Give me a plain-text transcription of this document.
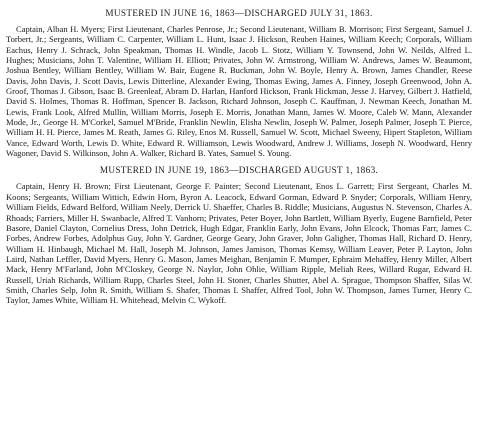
MUSTERED IN JUNE 16, 1863—DISCHARGED JULY 31, 1863.

Captain, Alban H. Myers; First Lieutenant, Charles Penrose, Jr.; Second Lieutenant, William B. Morrison; First Sergeant, Samuel J. Torbert, Jr.; Sergeants, William C. Carpenter, William L. Hunt, Isaac J. Hickson, Reuben Haines, William Keech; Corporals, William Eachus, Henry J. Schrack, John Speakman, Thomas H. Windle, Jacob L. Stotz, William Y. Townsend, John W. Neilds, Alfred L. Hughes; Musicians, John T. Valentine, William H. Elliott; Privates, John W. Armstrong, William W. Andrews, James W. Beaumont, Joshua Bentley, William Bentley, William W. Bair, Eugene R. Buckman, John W. Boyle, Henry A. Brown, James Chandler, Reese Davis, John Davis, J. Scott Davis, Lewis Ditterline, Alexander Ewing, Thomas Ewing, James A. Finney, Joseph Greenwood, John A. Groof, Thomas J. Gibson, Isaac B. Greenleaf, Abram D. Harlan, Hanford Hickson, Frank Hickman, Jesse J. Harvey, Gilbert J. Hatfield, David S. Holmes, Thomas R. Hoffman, Spencer B. Jackson, Richard Johnson, Joseph C. Kauffman, J. Newman Keech, Jonathan M. Lewis, Frank Look, Alfred Mullin, William Morris, Joseph E. Morris, Jonathan Mann, James W. Moore, Caleb W. Mann, Alexander Mode, Jr., George H. M'Corkel, Samuel M'Bride, Franklin Newlin, Elisha Newlin, Joseph W. Palmer, Joseph Palmer, Joseph T. Pierce, William H. H. Pierce, James M. Reath, James G. Riley, Enos M. Russell, Samuel W. Scott, Michael Sweeny, Hipert Stapleton, William Vance, Edward Worth, Lewis D. White, Edward R. Williamson, Lewis Woodward, Andrew J. Williams, Joseph N. Woodward, Henry Wagoner, David S. Wilkinson, John A. Walker, Richard B. Yates, Samuel S. Young.

MUSTERED IN JUNE 19, 1863—DISCHARGED AUGUST 1, 1863.

Captain, Henry H. Brown; First Lieutenant, George F. Painter; Second Lieutenant, Enos L. Garrett; First Sergeant, Charles M. Koons; Sergeants, William Wittich, Edwin Horn, Byron A. Leacock, Edward Gorman, Edward P. Snyder; Corporals, William Henry, William Fields, Edward Belford, William Neely, Derrick U. Shaeffer, Charles B. Riddle; Musicians, Augustus N. Stevenson, Charles A. Rhoads; Farriers, Miller H. Swanbacle, Alfred T. Vanhorn; Privates, Peter Boyer, John Bartlett, William Byerly, Eugene Barnfield, Peter Basore, Daniel Clayton, Cornelius Dress, John Detrick, Hugh Edgar, Franklin Early, John Evans, John Elcock, Thomas Farr, James C. Forbes, Andrew Forbes, Adolphus Guy, John Y. Gardner, George Geary, John Graver, John Galigher, Thomas Hall, Richard D. Henry, William H. Hinbaugh, Michael M. Hall, Joseph M. Johnson, James Jamison, Thomas Kemsy, William Leaver, Peter P. Layton, John Laird, Nathan Leffler, David Myers, Henry G. Mason, James Meighan, Benjamin F. Mumper, Ephraim Mehaffey, Henry Miller, Albert Mack, Henry M'Farland, John M'Closkey, George N. Naylor, John Ohlie, William Ripple, Meliah Rees, Willard Rugar, Edward H. Russell, Uriah Richards, William Rupp, Charles Steel, John H. Stoner, Charles Shutter, Abel A. Sprague, Thompson Shaffer, Silas W. Smith, Charles Selp, John R. Smith, William S. Shafer, Thomas I. Shaffer, Alfred Tool, John W. Thompson, James Turner, Henry C. Taylor, James White, William H. Whitehead, Melvin C. Wykoff.
